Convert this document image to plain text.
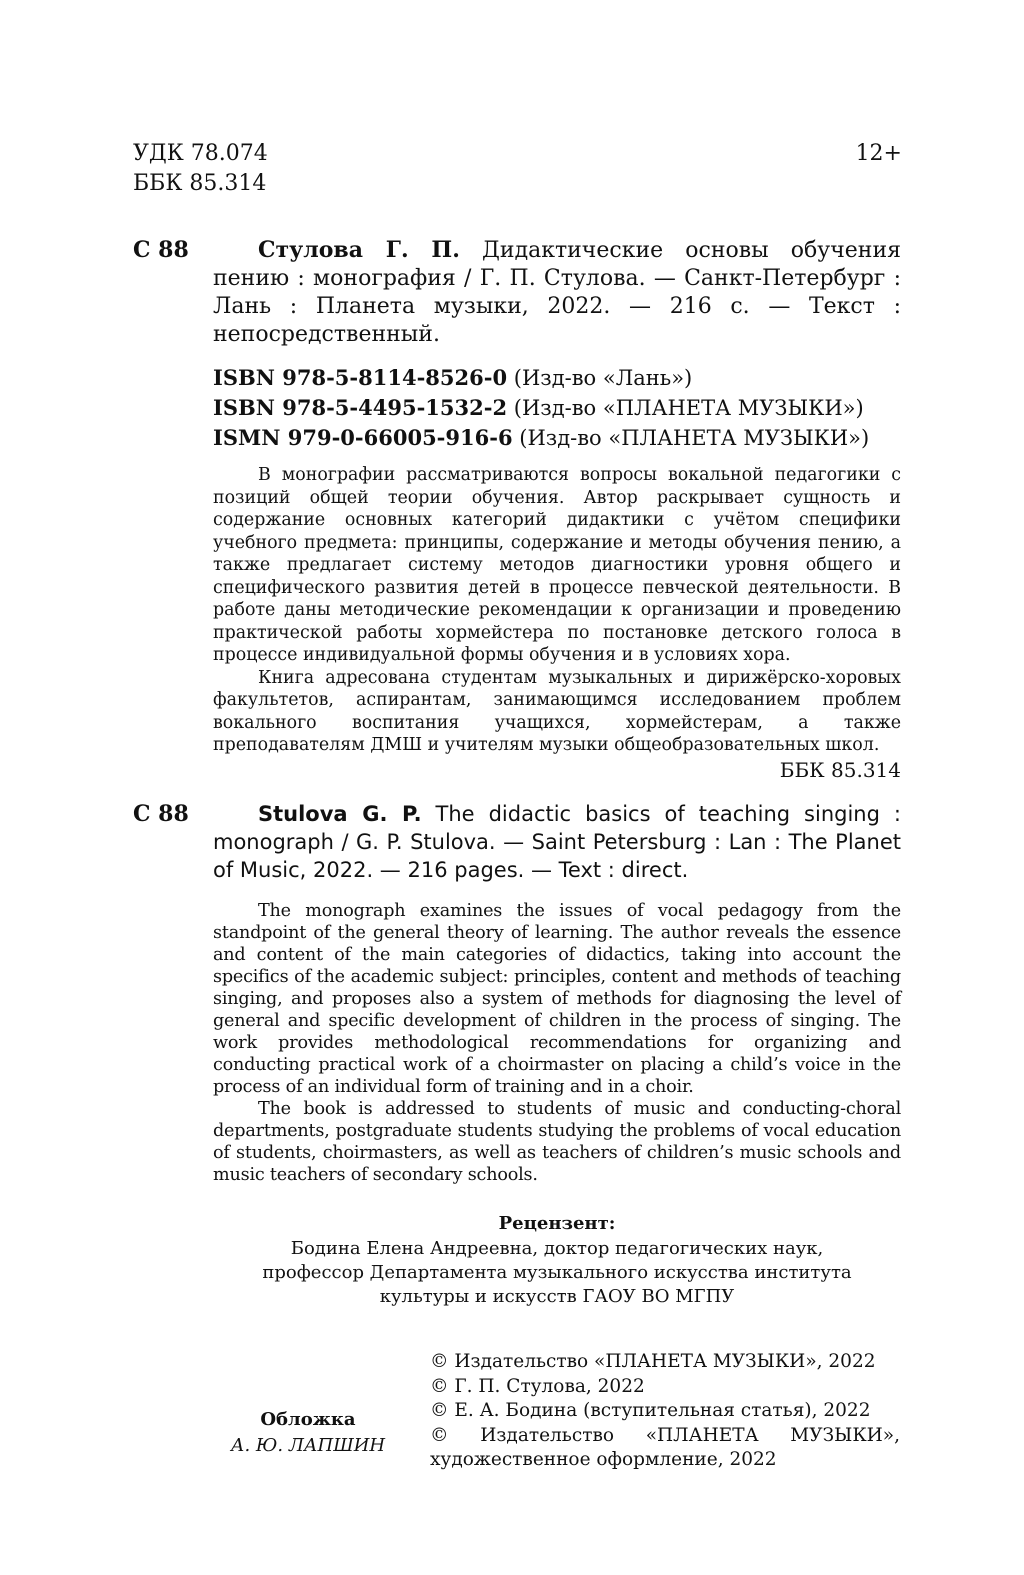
УДК 78.074
ББК 85.314
12+
С 88	Стулова Г. П. Дидактические основы обучения пению : монография / Г. П. Стулова. — Санкт-Петербург : Лань : Планета музыки, 2022. — 216 с. — Текст : непосредственный.
ISBN 978-5-8114-8526-0 (Изд-во «Лань»)
ISBN 978-5-4495-1532-2 (Изд-во «ПЛАНЕТА МУЗЫКИ»)
ISMN 979-0-66005-916-6 (Изд-во «ПЛАНЕТА МУЗЫКИ»)

В монографии рассматриваются вопросы вокальной педагогики с позиций общей теории обучения. Автор раскрывает сущность и содержание основных категорий дидактики с учётом специфики учебного предмета: принципы, содержание и методы обучения пению, а также предлагает систему методов диагностики уровня общего и специфического развития детей в процессе певческой деятельности. В работе даны методические рекомендации к организации и проведению практической работы хормейстера по постановке детского голоса в процессе индивидуальной формы обучения и в условиях хора.

Книга адресована студентам музыкальных и дирижёрско-хоровых факультетов, аспирантам, занимающимся исследованием проблем вокального воспитания учащихся, хормейстерам, а также преподавателям ДМШ и учителям музыки общеобразовательных школ.

ББК 85.314
С 88	Stulova G. P. The didactic basics of teaching singing : monograph / G. P. Stulova. — Saint Petersburg : Lan : The Planet of Music, 2022. — 216 pages. — Text : direct.

The monograph examines the issues of vocal pedagogy from the standpoint of the general theory of learning. The author reveals the essence and content of the main categories of didactics, taking into account the specifics of the academic subject: principles, content and methods of teaching singing, and proposes also a system of methods for diagnosing the level of general and specific development of children in the process of singing. The work provides methodological recommendations for organizing and conducting practical work of a choirmaster on placing a child’s voice in the process of an individual form of training and in a choir.

The book is addressed to students of music and conducting-choral departments, postgraduate students studying the problems of vocal education of students, choirmasters, as well as teachers of children’s music schools and music teachers of secondary schools.

Рецензент:
Бодина Елена Андреевна, доктор педагогических наук,
профессор Департамента музыкального искусства института
культуры и искусств ГАОУ ВО МГПУ
Обложка
А. Ю. ЛАПШИН
© Издательство «ПЛАНЕТА МУЗЫКИ», 2022
© Г. П. Стулова, 2022
© Е. А. Бодина (вступительная статья), 2022
© Издательство «ПЛАНЕТА МУЗЫКИ», художественное оформление, 2022
